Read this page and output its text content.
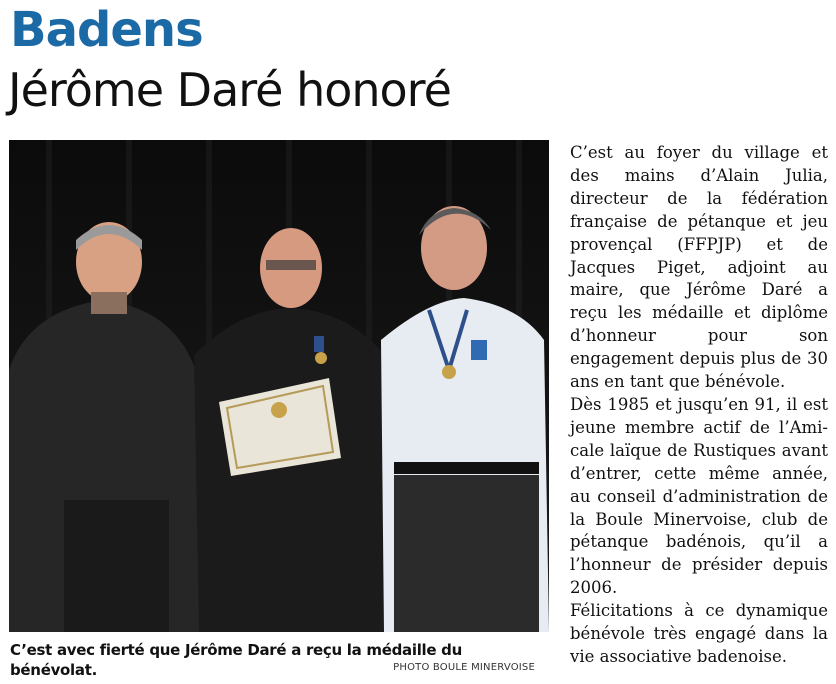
Badens
Jérôme Daré honoré
C’est avec fierté que Jérôme Daré a reçu la médaille du bénévolat.	PHOTO BOULE MINERVOISE

C’est au foyer du village et des mains d’Alain Julia, directeur de la fédération française de pétanque et jeu provençal (FFPJP) et de Jacques Piget, adjoint au maire, que Jérôme Daré a reçu les médaille et diplôme d’honneur pour son engagement depuis plus de 30 ans en tant que bénévole.

Dès 1985 et jusqu’en 91, il est jeune membre actif de l’Amicale laïque de Rustiques avant d’entrer, cette même année, au conseil d’administration de la Boule Minervoise, club de pétanque badénois, qu’il a l’honneur de présider depuis 2006.

Félicitations à ce dynamique bénévole très engagé dans la vie associative badenoise.
